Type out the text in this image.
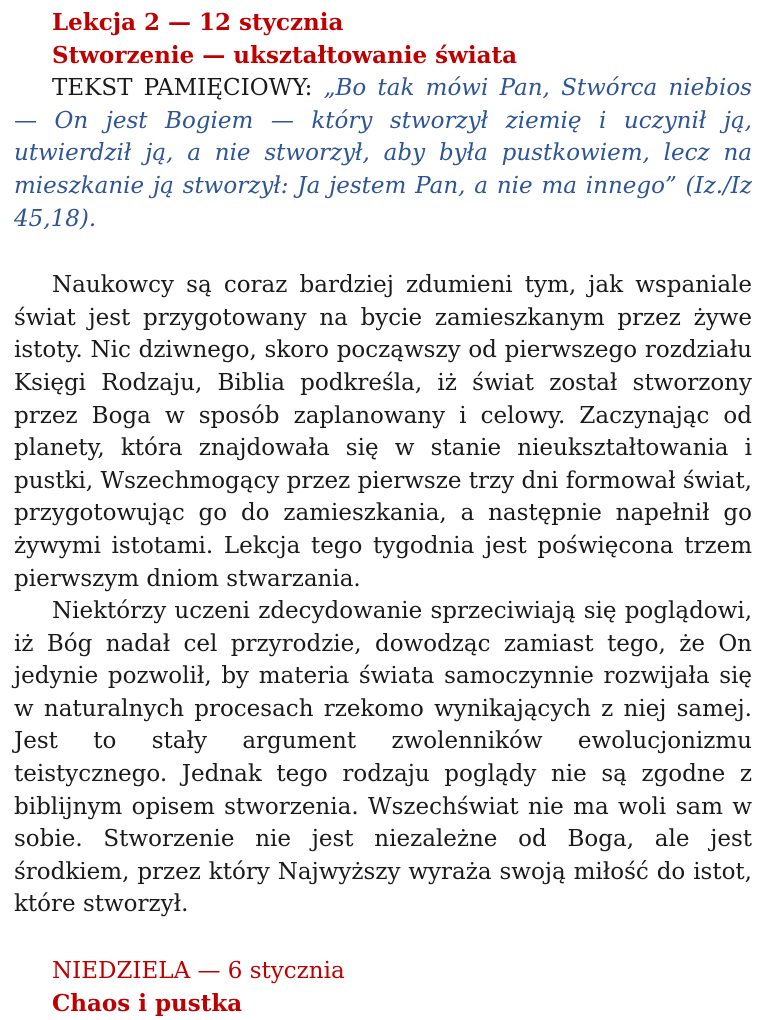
Lekcja 2 — 12 stycznia

Stworzenie — ukształtowanie świata

TEKST PAMIĘCIOWY: „Bo tak mówi Pan, Stwórca niebios — On jest Bogiem — który stworzył ziemię i uczynił ją, utwierdził ją, a nie stworzył, aby była pustkowiem, lecz na mieszkanie ją stworzył: Ja jestem Pan, a nie ma innego” (Iz./Iz 45,18).

Naukowcy są coraz bardziej zdumieni tym, jak wspaniale świat jest przygotowany na bycie zamieszkanym przez żywe istoty. Nic dziwnego, skoro począwszy od pierwszego rozdziału Księgi Rodzaju, Biblia podkreśla, iż świat został stworzony przez Boga w sposób zaplanowany i celowy. Zaczynając od planety, która znajdowała się w stanie nieukształtowania i pustki, Wszechmogący przez pierwsze trzy dni formował świat, przygotowując go do zamieszkania, a następnie napełnił go żywymi istotami. Lekcja tego tygodnia jest poświęcona trzem pierwszym dniom stwarzania.

Niektórzy uczeni zdecydowanie sprzeciwiają się poglądowi, iż Bóg nadał cel przyrodzie, dowodząc zamiast tego, że On jedynie pozwolił, by materia świata samoczynnie rozwijała się w naturalnych procesach rzekomo wynikających z niej samej. Jest to stały argument zwolenników ewolucjonizmu teistycznego. Jednak tego rodzaju poglądy nie są zgodne z biblijnym opisem stworzenia. Wszechświat nie ma woli sam w sobie. Stworzenie nie jest niezależne od Boga, ale jest środkiem, przez który Najwyższy wyraża swoją miłość do istot, które stworzył.

NIEDZIELA — 6 stycznia

Chaos i pustka
